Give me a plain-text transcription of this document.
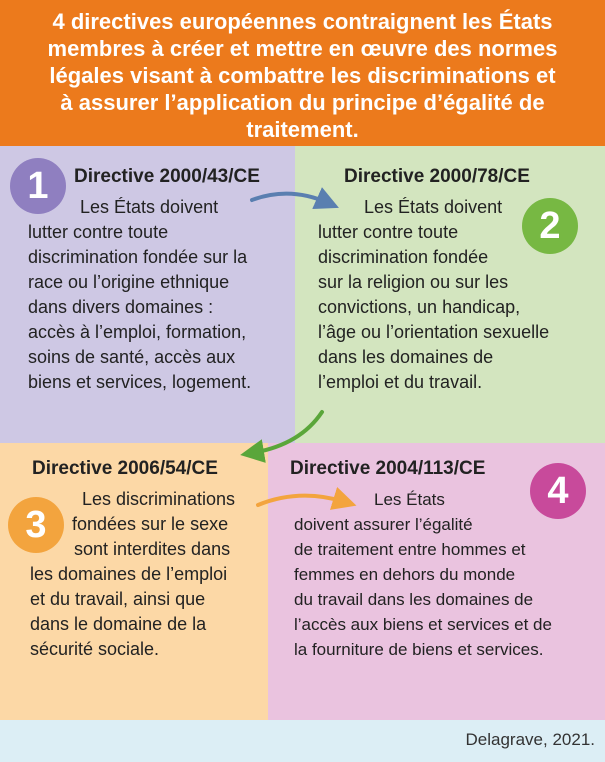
4 directives européennes contraignent les États
membres à créer et mettre en œuvre des normes
légales visant à combattre les discriminations et
à assurer l’application du principe d’égalité de
traitement.
1	Directive 2000/43/CE
Les États doivent
lutter contre toute
discrimination fondée sur la
race ou l’origine ethnique
dans divers domaines :
accès à l’emploi, formation,
soins de santé, accès aux
biens et services, logement.
Directive 2000/78/CE
2
Les États doivent
lutter contre toute
discrimination fondée
sur la religion ou sur les
convictions, un handicap,
l’âge ou l’orientation sexuelle
dans les domaines de
l’emploi et du travail.
Directive 2006/54/CE
3
Les discriminations
fondées sur le sexe
sont interdites dans
les domaines de l’emploi
et du travail, ainsi que
dans le domaine de la
sécurité sociale.
Directive 2004/113/CE
4
Les États
doivent assurer l’égalité
de traitement entre hommes et
femmes en dehors du monde
du travail dans les domaines de
l’accès aux biens et services et de
la fourniture de biens et services.
Delagrave, 2021.
